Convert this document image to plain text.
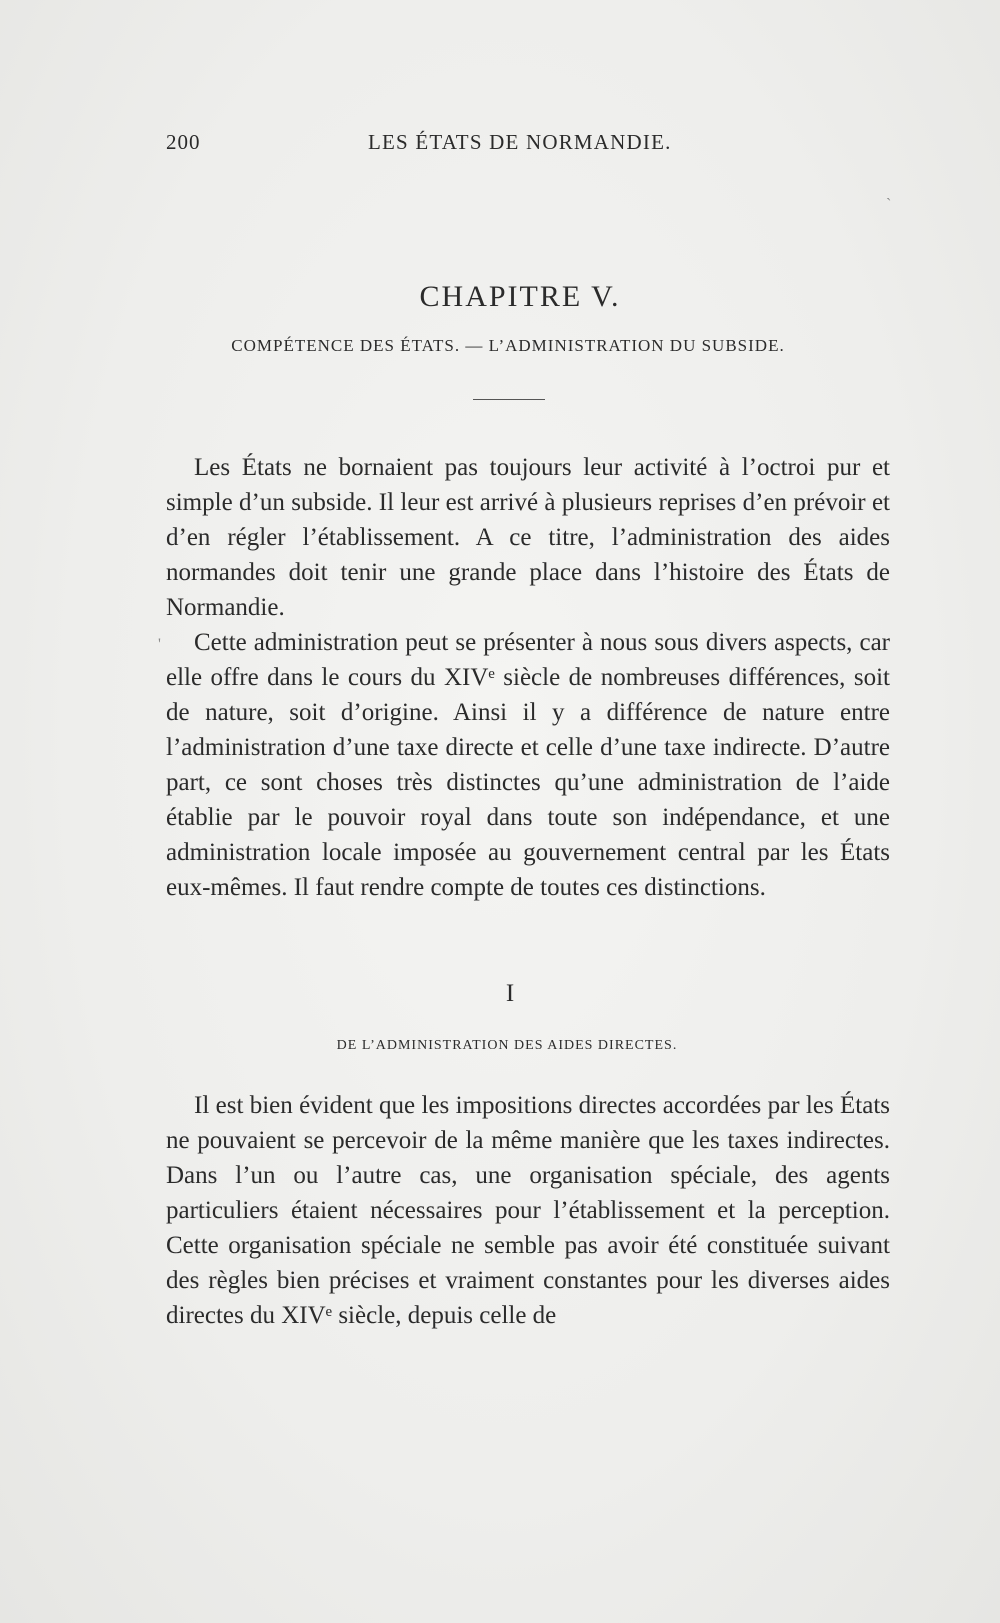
200	LES ÉTATS DE NORMANDIE.
CHAPITRE V.
COMPÉTENCE DES ÉTATS. — L’ADMINISTRATION DU SUBSIDE.

Les États ne bornaient pas toujours leur activité à l’octroi pur et simple d’un subside. Il leur est arrivé à plusieurs reprises d’en prévoir et d’en régler l’établissement. A ce titre, l’administration des aides normandes doit tenir une grande place dans l’histoire des États de Normandie.

Cette administration peut se présenter à nous sous divers aspects, car elle offre dans le cours du XIVᵉ siècle de nombreuses différences, soit de nature, soit d’origine. Ainsi il y a différence de nature entre l’administration d’une taxe directe et celle d’une taxe indirecte. D’autre part, ce sont choses très distinctes qu’une administration de l’aide établie par le pouvoir royal dans toute son indépendance, et une administration locale imposée au gouvernement central par les États eux-mêmes. Il faut rendre compte de toutes ces distinctions.

I
DE L’ADMINISTRATION DES AIDES DIRECTES.

Il est bien évident que les impositions directes accordées par les États ne pouvaient se percevoir de la même manière que les taxes indirectes. Dans l’un ou l’autre cas, une organisation spéciale, des agents particuliers étaient nécessaires pour l’établissement et la perception. Cette organisation spéciale ne semble pas avoir été constituée suivant des règles bien précises et vraiment constantes pour les diverses aides directes du XIVᵉ siècle, depuis celle de

`
'
